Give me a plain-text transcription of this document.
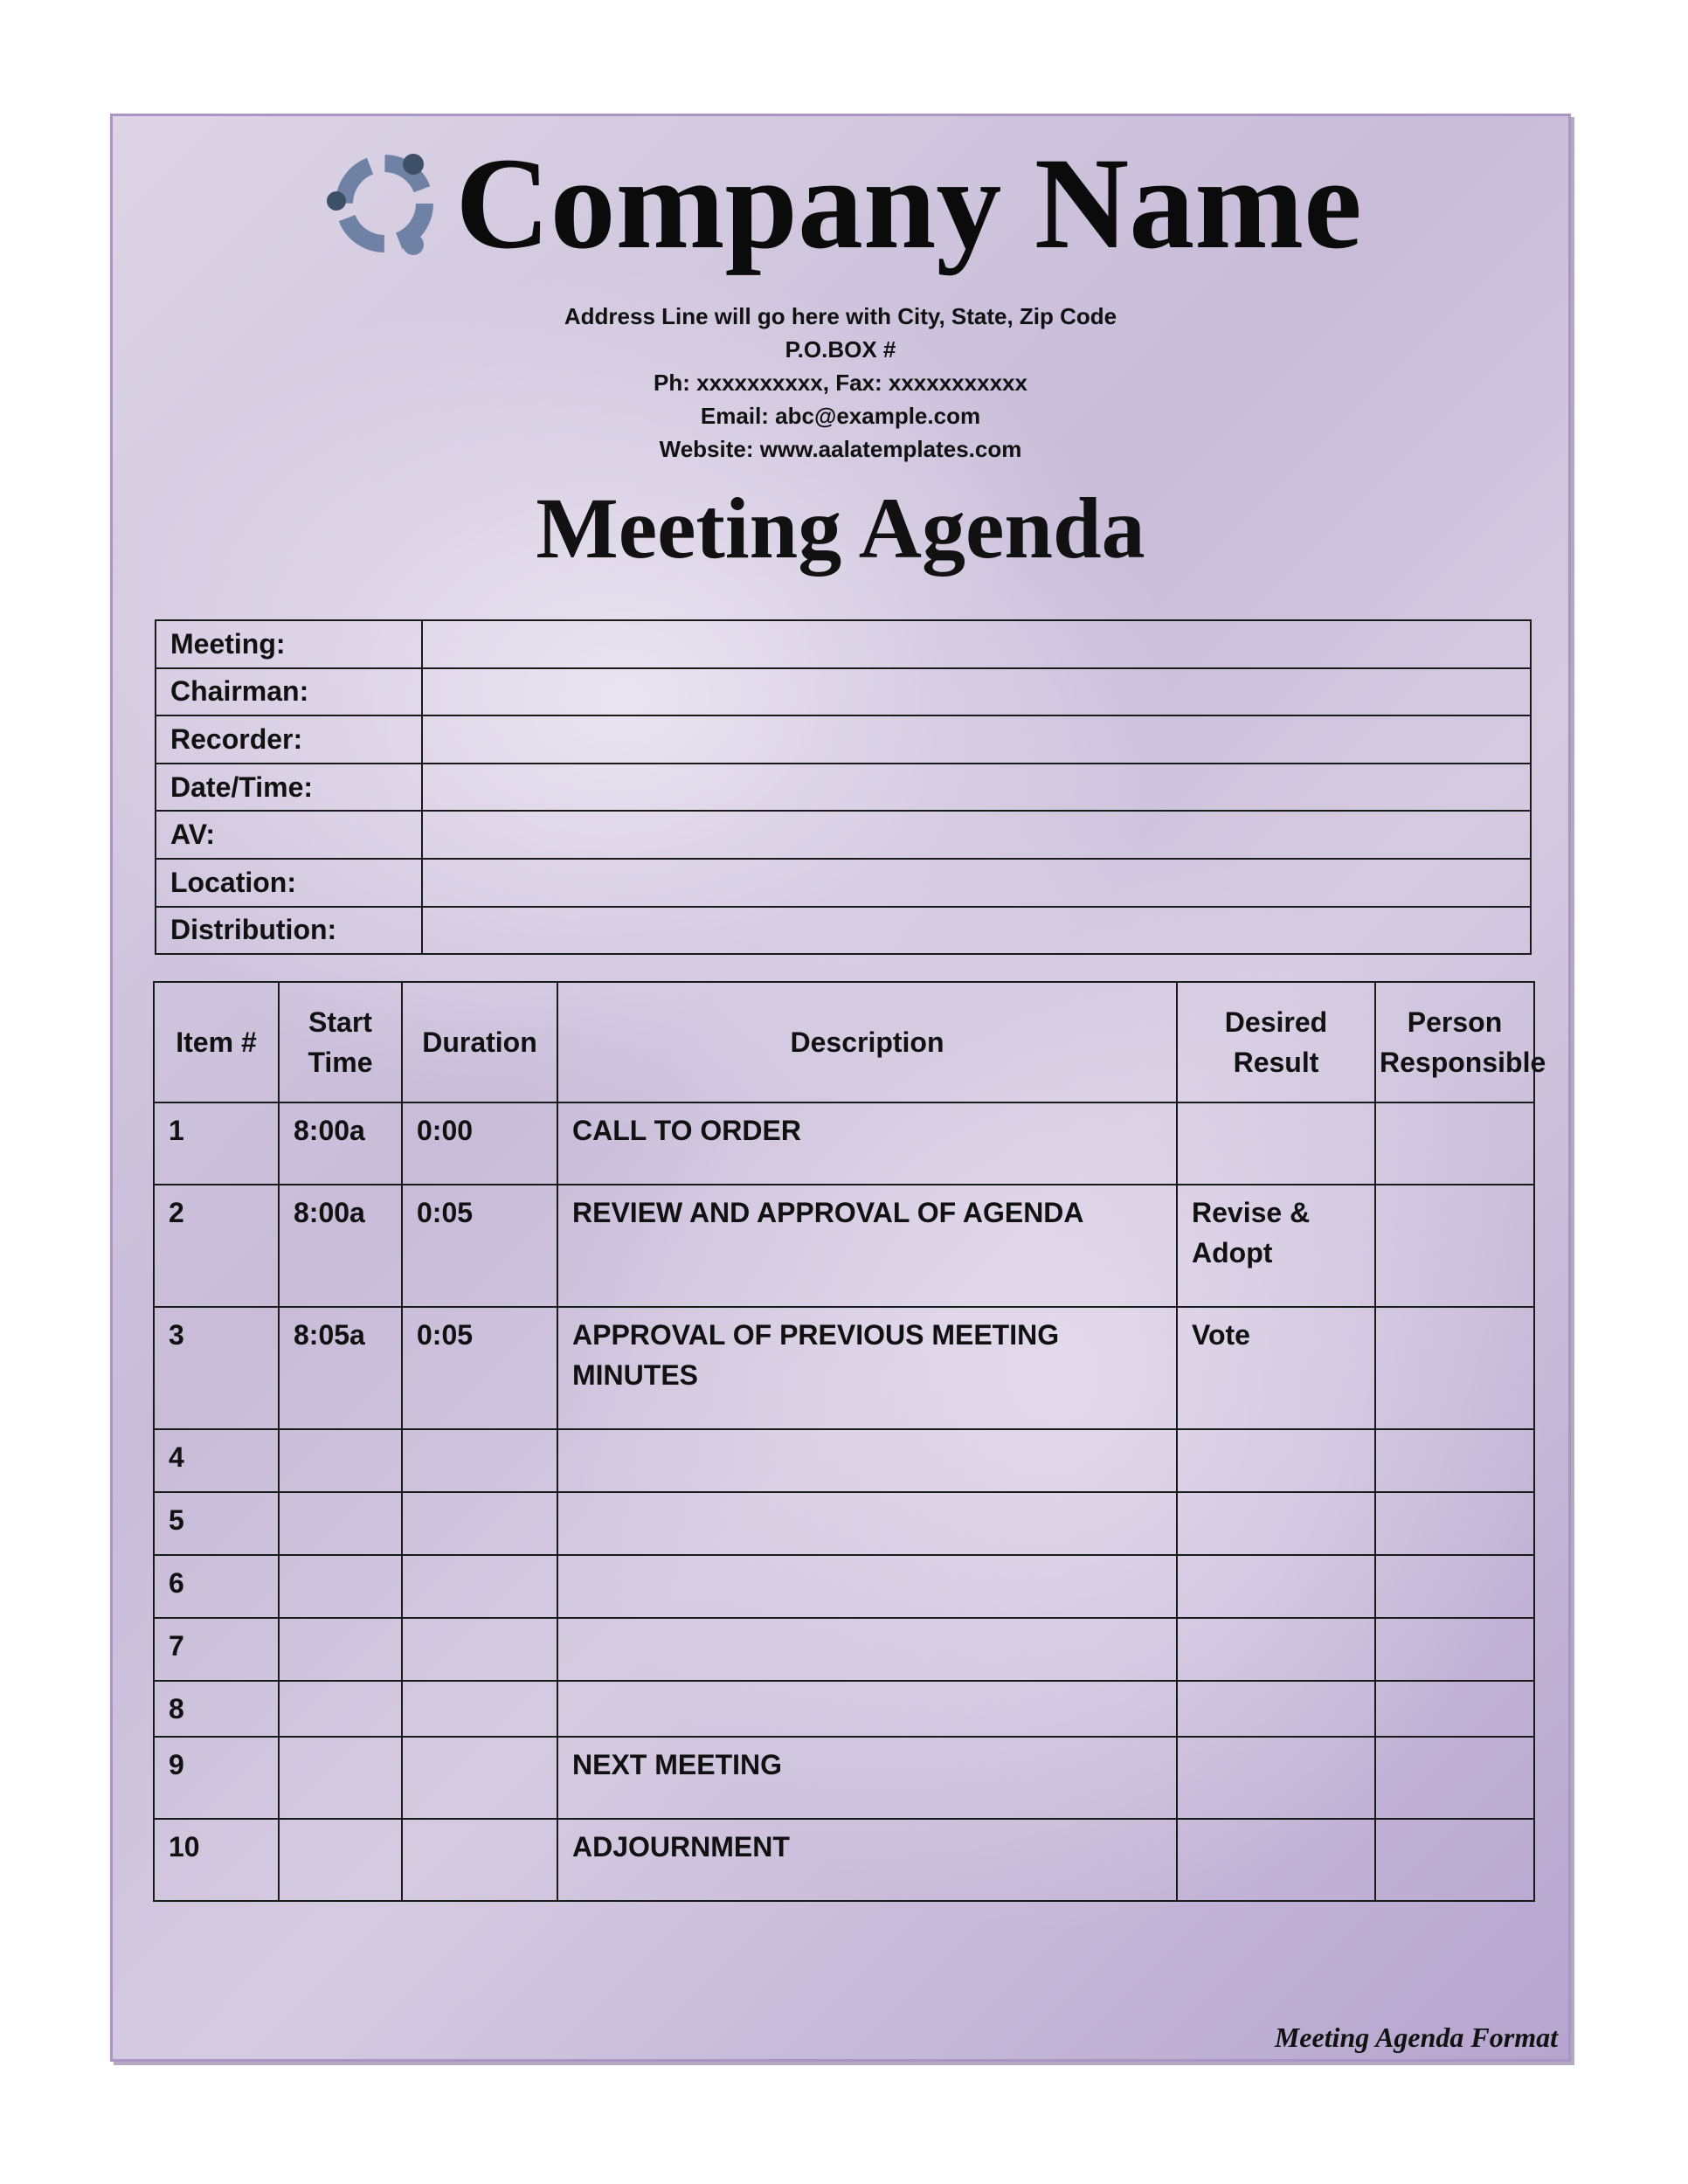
Company Name
Address Line will go here with City, State, Zip Code
P.O.BOX #
Ph: xxxxxxxxxx, Fax: xxxxxxxxxxx
Email: abc@example.com
Website: www.aalatemplates.com
Meeting Agenda
Meeting:	
Chairman:	
Recorder:	
Date/Time:	
AV:	
Location:	
Distribution:	
Item #	Start Time	Duration	Description	Desired Result	Person Responsible
1	8:00a	0:00	CALL TO ORDER		
2	8:00a	0:05	REVIEW AND APPROVAL OF AGENDA	Revise & Adopt	
3	8:05a	0:05	APPROVAL OF PREVIOUS MEETING MINUTES	Vote	
4					
5					
6					
7					
8					
9			NEXT MEETING		
10			ADJOURNMENT		
Meeting Agenda Format
